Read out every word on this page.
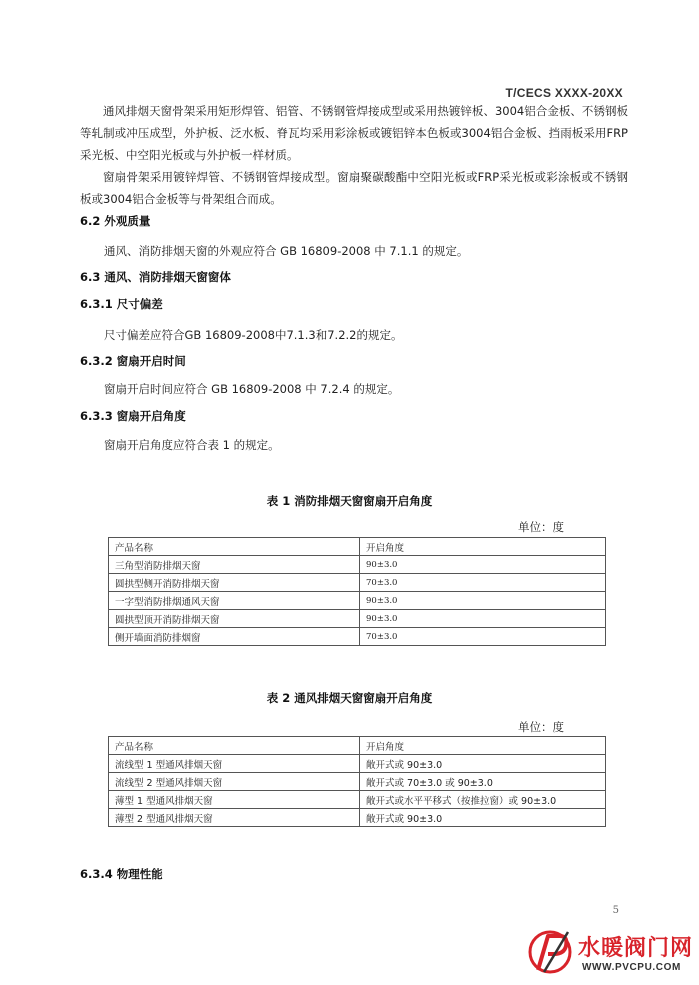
T/CECS XXXX-20XX
通风排烟天窗骨架采用矩形焊管、铝管、不锈钢管焊接成型或采用热镀锌板、3004铝合金板、不锈钢板等轧制或冲压成型，外护板、泛水板、脊瓦均采用彩涂板或镀铝锌本色板或3004铝合金板、挡雨板采用FRP采光板、中空阳光板或与外护板一样材质。
窗扇骨架采用镀锌焊管、不锈钢管焊接成型。窗扇聚碳酸酯中空阳光板或FRP采光板或彩涂板或不锈钢板或3004铝合金板等与骨架组合而成。
6.2 外观质量
通风、消防排烟天窗的外观应符合 GB 16809-2008 中 7.1.1 的规定。
6.3 通风、消防排烟天窗窗体
6.3.1 尺寸偏差
尺寸偏差应符合GB 16809-2008中7.1.3和7.2.2的规定。
6.3.2 窗扇开启时间
窗扇开启时间应符合 GB 16809-2008 中 7.2.4 的规定。
6.3.3 窗扇开启角度
窗扇开启角度应符合表 1 的规定。
表 1 消防排烟天窗窗扇开启角度
单位：度
产品名称	开启角度
三角型消防排烟天窗	90±3.0
圆拱型侧开消防排烟天窗	70±3.0
一字型消防排烟通风天窗	90±3.0
圆拱型顶开消防排烟天窗	90±3.0
侧开墙面消防排烟窗	70±3.0
表 2 通风排烟天窗窗扇开启角度
单位：度
产品名称	开启角度
流线型 1 型通风排烟天窗	敞开式或 90±3.0
流线型 2 型通风排烟天窗	敞开式或 70±3.0 或 90±3.0
薄型 1 型通风排烟天窗	敞开式或水平平移式（按推拉窗）或 90±3.0
薄型 2 型通风排烟天窗	敞开式或 90±3.0
6.3.4 物理性能
5
水暖阀门网
WWW.PVCPU.COM
